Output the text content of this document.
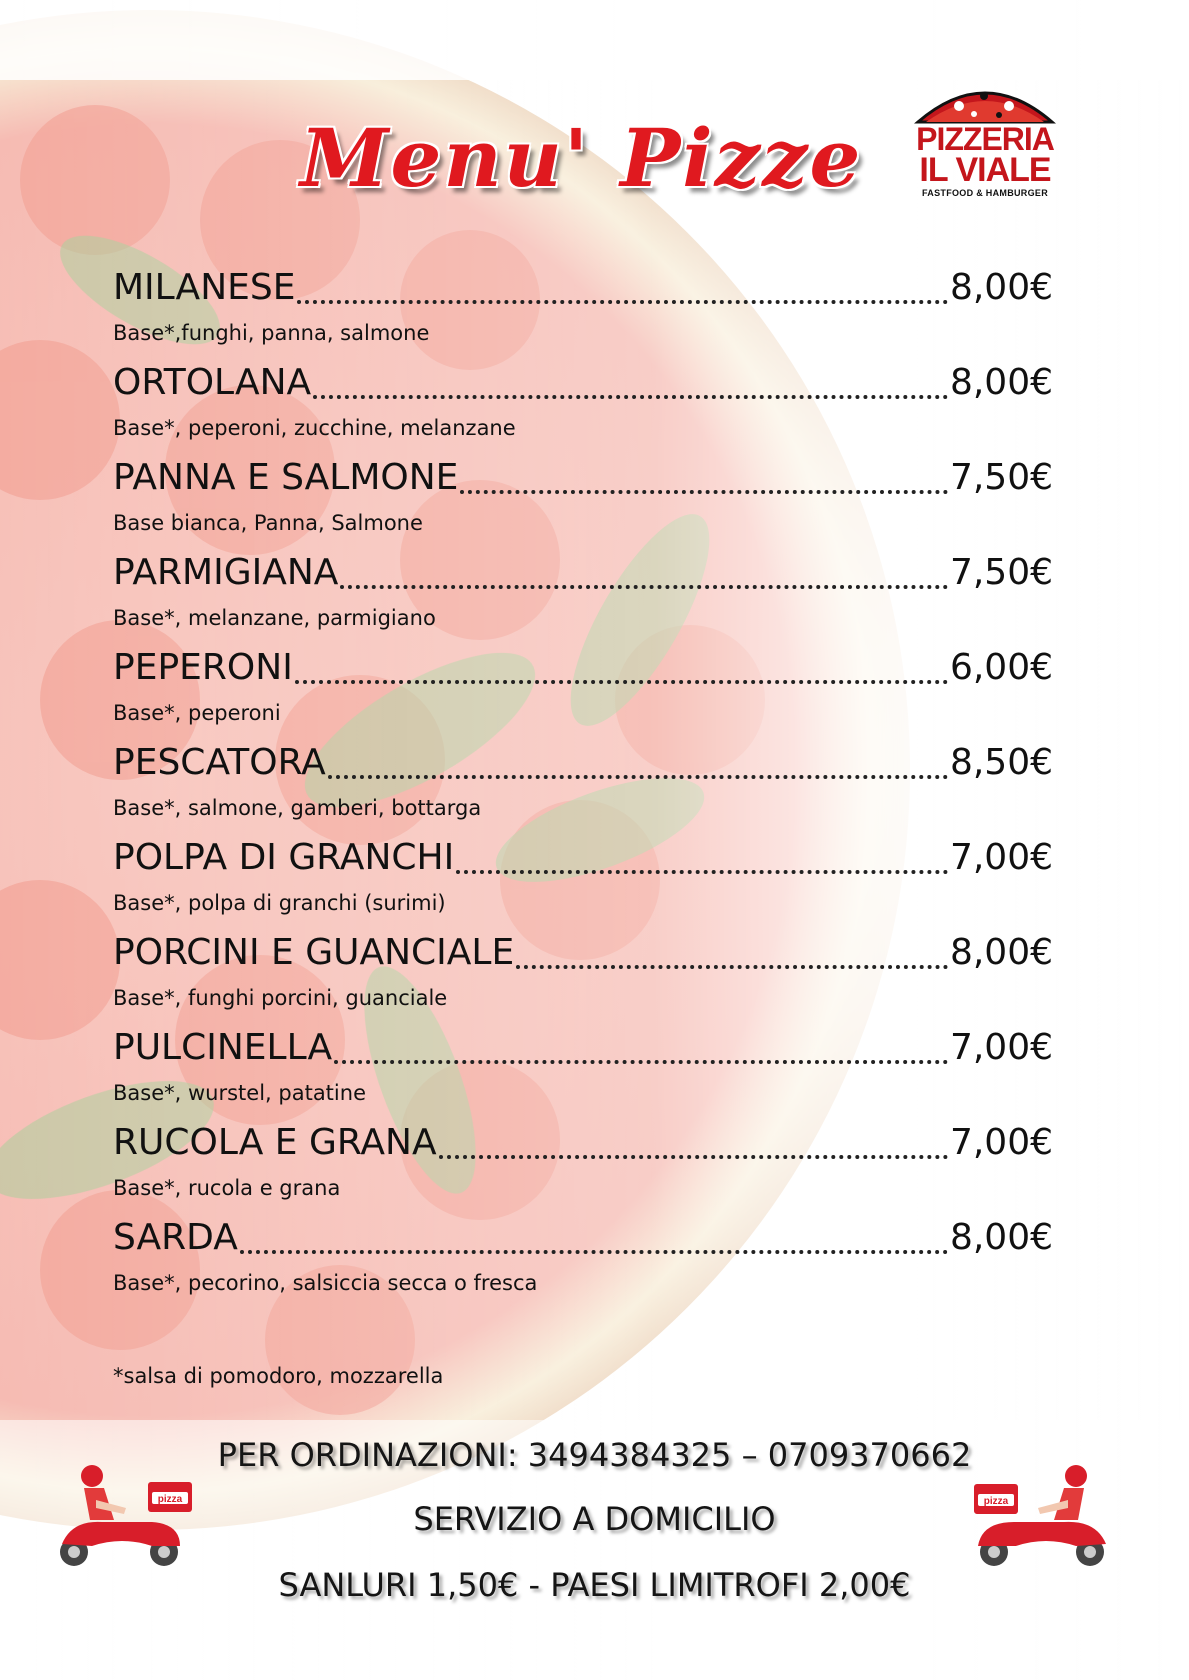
Menu' Pizze PIZZERIA
IL VIALE
FASTFOOD & HAMBURGER
MILANESE	8,00€
Base*,funghi, panna, salmone
ORTOLANA	8,00€
Base*, peperoni, zucchine, melanzane
PANNA E SALMONE	7,50€
Base bianca, Panna, Salmone
PARMIGIANA	7,50€
Base*, melanzane, parmigiano
PEPERONI	6,00€
Base*, peperoni
PESCATORA	8,50€
Base*, salmone, gamberi, bottarga
POLPA DI GRANCHI	7,00€
Base*, polpa di granchi (surimi)
PORCINI E GUANCIALE	8,00€
Base*, funghi porcini, guanciale
PULCINELLA	7,00€
Base*, wurstel, patatine
RUCOLA E GRANA	7,00€
Base*, rucola e grana
SARDA	8,00€
Base*, pecorino, salsiccia secca o fresca
*salsa di pomodoro, mozzarella
PER ORDINAZIONI: 3494384325 – 0709370662
SERVIZIO A DOMICILIO
SANLURI 1,50€ - PAESI LIMITROFI 2,00€
pizza	pizza
